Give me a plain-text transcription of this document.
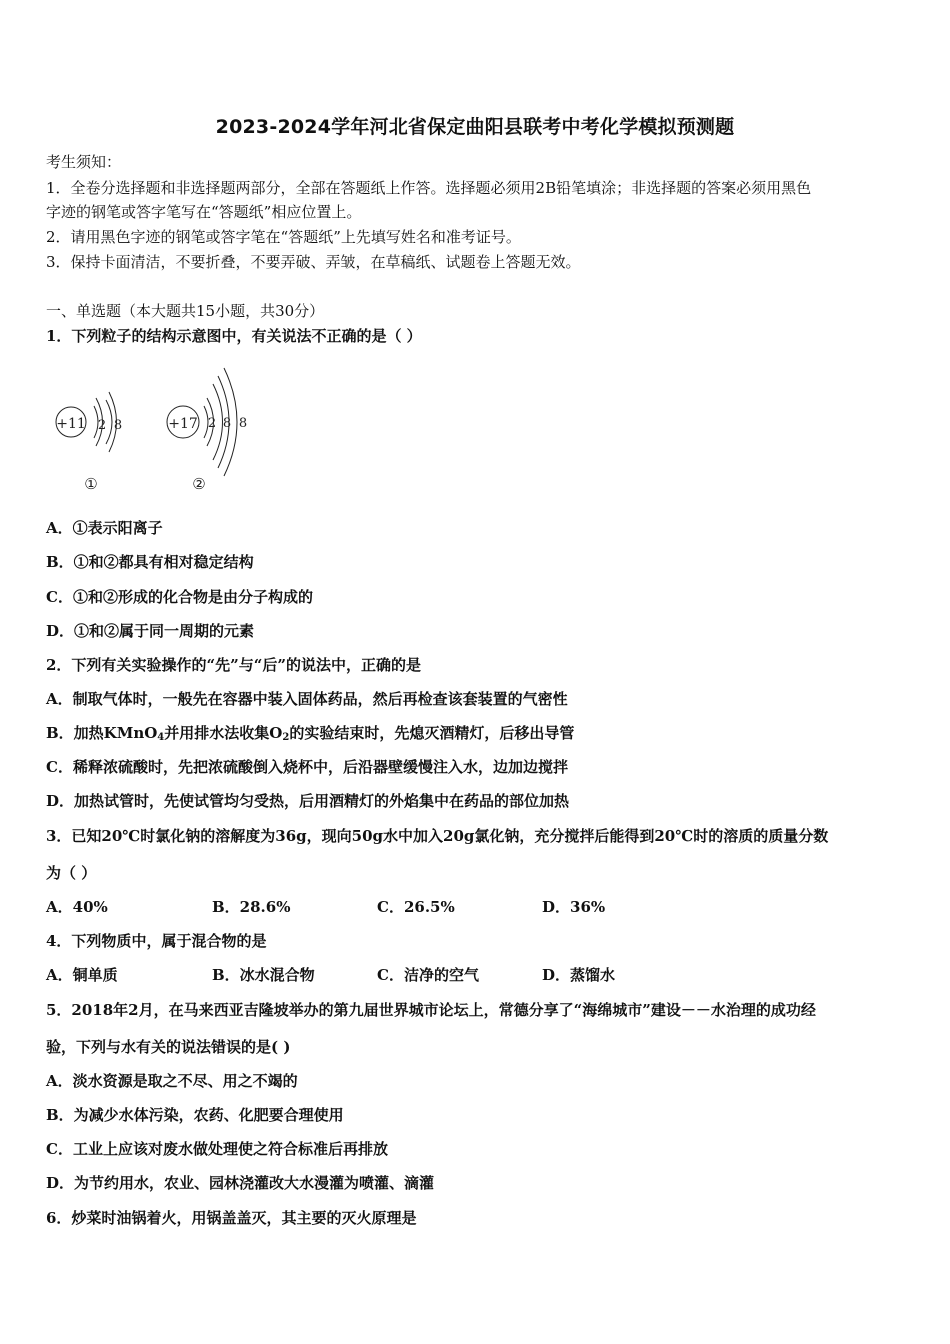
2023-2024学年河北省保定曲阳县联考中考化学模拟预测题
考生须知：
1．全卷分选择题和非选择题两部分，全部在答题纸上作答。选择题必须用2B铅笔填涂；非选择题的答案必须用黑色
字迹的钢笔或答字笔写在“答题纸”相应位置上。
2．请用黑色字迹的钢笔或答字笔在“答题纸”上先填写姓名和准考证号。
3．保持卡面清洁，不要折叠，不要弄破、弄皱，在草稿纸、试题卷上答题无效。
一、单选题（本大题共15小题，共30分）
1．下列粒子的结构示意图中，有关说法不正确的是（ ）
+11 2 8
①
+17 2 8 8
②
A．①表示阳离子
B．①和②都具有相对稳定结构
C．①和②形成的化合物是由分子构成的
D．①和②属于同一周期的元素
2．下列有关实验操作的“先”与“后”的说法中，正确的是
A．制取气体时，一般先在容器中装入固体药品，然后再检查该套装置的气密性
B．加热KMnO$_4$并用排水法收集$O_2$的实验结束时，先熄灭酒精灯，后移出导管
C．稀释浓硫酸时，先把浓硫酸倒入烧杯中，后沿器壁缓慢注入水，边加边搅拌
D．加热试管时，先使试管均匀受热，后用酒精灯的外焰集中在药品的部位加热
3．已知20℃时氯化钠的溶解度为36g，现向50g水中加入20g氯化钠，充分搅拌后能得到20℃时的溶质的质量分数
为（ ）
A．40%	B．28.6%	C．26.5%	D．36%
4．下列物质中，属于混合物的是
A．铜单质	B．冰水混合物	C．洁净的空气	D．蒸馏水
5．2018年2月，在马来西亚吉隆坡举办的第九届世界城市论坛上，常德分享了“海绵城市”建设－－水治理的成功经
验，下列与水有关的说法错误的是( )
A．淡水资源是取之不尽、用之不竭的
B．为减少水体污染，农药、化肥要合理使用
C．工业上应该对废水做处理使之符合标准后再排放
D．为节约用水，农业、园林浇灌改大水漫灌为喷灌、滴灌
6．炒菜时油锅着火，用锅盖盖灭，其主要的灭火原理是
